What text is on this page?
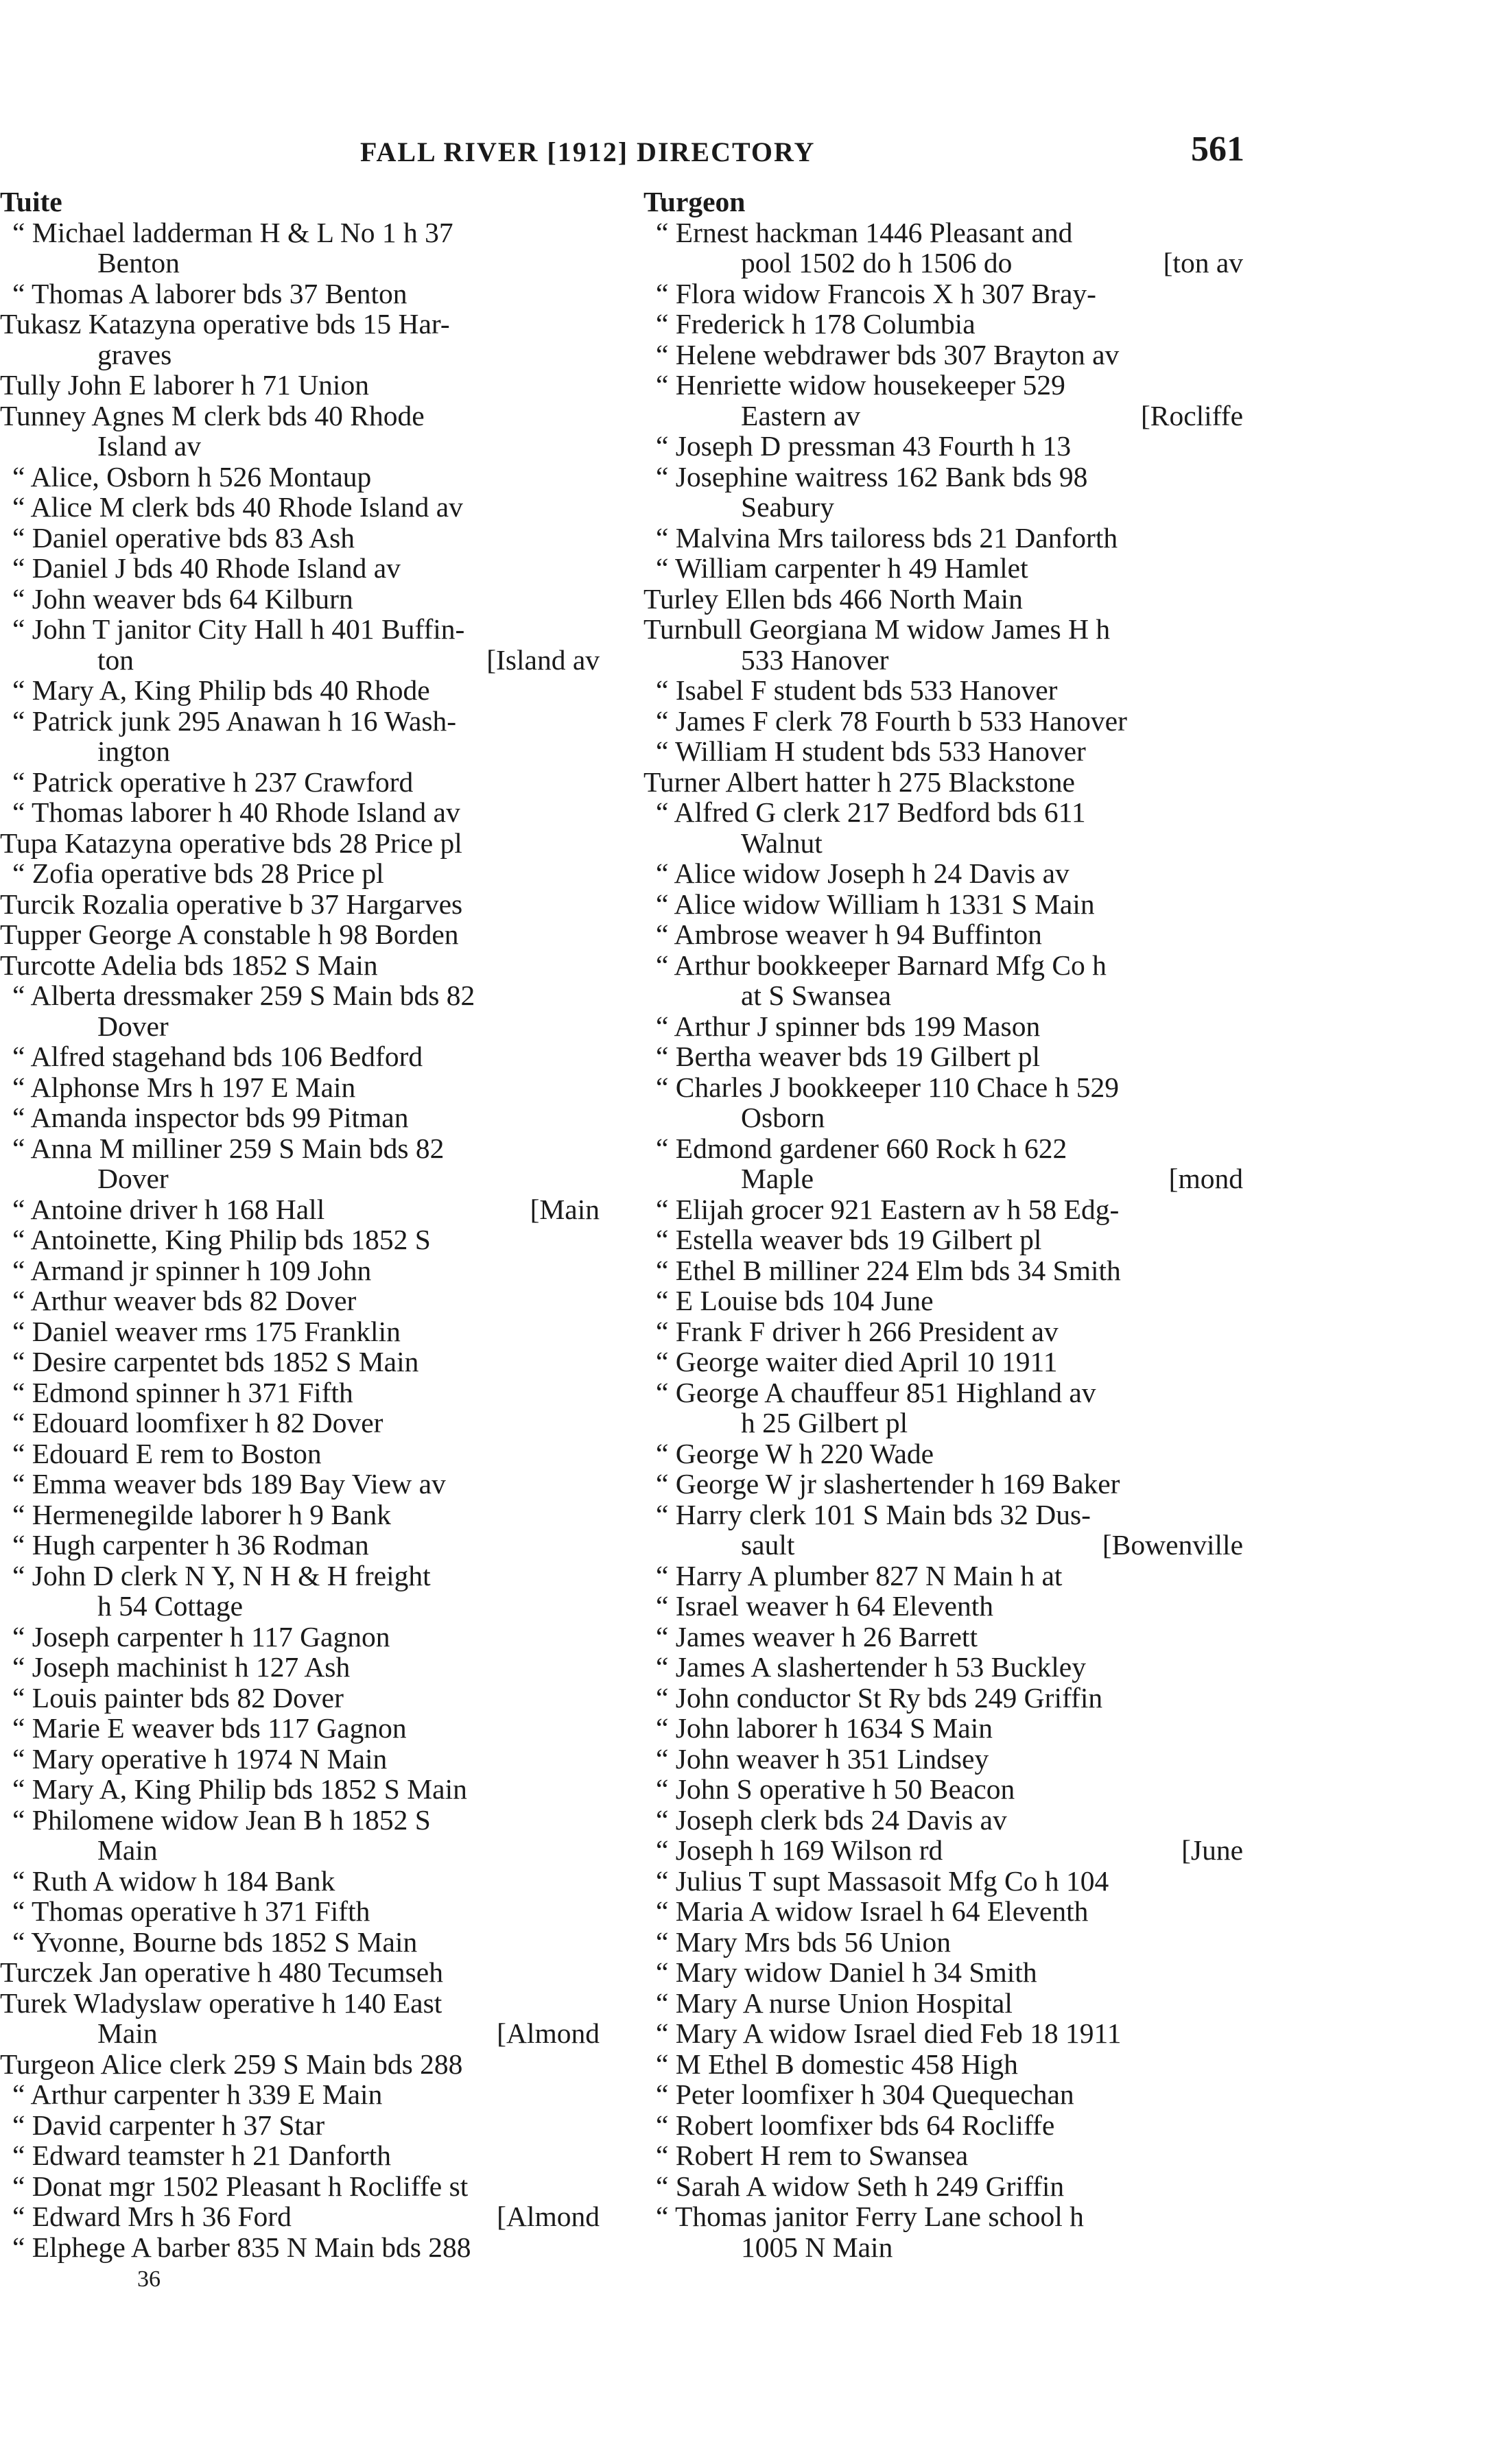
FALL RIVER [1912] DIRECTORY	561
Tuite
“ Michael ladderman H & L No 1 h 37
Benton
“ Thomas A laborer bds 37 Benton
Tukasz Katazyna operative bds 15 Har-
graves
Tully John E laborer h 71 Union
Tunney Agnes M clerk bds 40 Rhode
Island av
“ Alice, Osborn h 526 Montaup
“ Alice M clerk bds 40 Rhode Island av
“ Daniel operative bds 83 Ash
“ Daniel J bds 40 Rhode Island av
“ John weaver bds 64 Kilburn
“ John T janitor City Hall h 401 Buffin-
ton	[Island av
“ Mary A, King Philip bds 40 Rhode
“ Patrick junk 295 Anawan h 16 Wash-
ington
“ Patrick operative h 237 Crawford
“ Thomas laborer h 40 Rhode Island av
Tupa Katazyna operative bds 28 Price pl
“ Zofia operative bds 28 Price pl
Turcik Rozalia operative b 37 Hargarves
Tupper George A constable h 98 Borden
Turcotte Adelia bds 1852 S Main
“ Alberta dressmaker 259 S Main bds 82
Dover
“ Alfred stagehand bds 106 Bedford
“ Alphonse Mrs h 197 E Main
“ Amanda inspector bds 99 Pitman
“ Anna M milliner 259 S Main bds 82
Dover
“ Antoine driver h 168 Hall	[Main
“ Antoinette, King Philip bds 1852 S
“ Armand jr spinner h 109 John
“ Arthur weaver bds 82 Dover
“ Daniel weaver rms 175 Franklin
“ Desire carpentet bds 1852 S Main
“ Edmond spinner h 371 Fifth
“ Edouard loomfixer h 82 Dover
“ Edouard E rem to Boston
“ Emma weaver bds 189 Bay View av
“ Hermenegilde laborer h 9 Bank
“ Hugh carpenter h 36 Rodman
“ John D clerk N Y, N H & H freight
h 54 Cottage
“ Joseph carpenter h 117 Gagnon
“ Joseph machinist h 127 Ash
“ Louis painter bds 82 Dover
“ Marie E weaver bds 117 Gagnon
“ Mary operative h 1974 N Main
“ Mary A, King Philip bds 1852 S Main
“ Philomene widow Jean B h 1852 S
Main
“ Ruth A widow h 184 Bank
“ Thomas operative h 371 Fifth
“ Yvonne, Bourne bds 1852 S Main
Turczek Jan operative h 480 Tecumseh
Turek Wladyslaw operative h 140 East
Main	[Almond
Turgeon Alice clerk 259 S Main bds 288
“ Arthur carpenter h 339 E Main
“ David carpenter h 37 Star
“ Edward teamster h 21 Danforth
“ Donat mgr 1502 Pleasant h Rocliffe st
“ Edward Mrs h 36 Ford	[Almond
“ Elphege A barber 835 N Main bds 288
Turgeon
“ Ernest hackman 1446 Pleasant and
pool 1502 do h 1506 do	[ton av
“ Flora widow Francois X h 307 Bray-
“ Frederick h 178 Columbia
“ Helene webdrawer bds 307 Brayton av
“ Henriette widow housekeeper 529
Eastern av	[Rocliffe
“ Joseph D pressman 43 Fourth h 13
“ Josephine waitress 162 Bank bds 98
Seabury
“ Malvina Mrs tailoress bds 21 Danforth
“ William carpenter h 49 Hamlet
Turley Ellen bds 466 North Main
Turnbull Georgiana M widow James H h
533 Hanover
“ Isabel F student bds 533 Hanover
“ James F clerk 78 Fourth b 533 Hanover
“ William H student bds 533 Hanover
Turner Albert hatter h 275 Blackstone
“ Alfred G clerk 217 Bedford bds 611
Walnut
“ Alice widow Joseph h 24 Davis av
“ Alice widow William h 1331 S Main
“ Ambrose weaver h 94 Buffinton
“ Arthur bookkeeper Barnard Mfg Co h
at S Swansea
“ Arthur J spinner bds 199 Mason
“ Bertha weaver bds 19 Gilbert pl
“ Charles J bookkeeper 110 Chace h 529
Osborn
“ Edmond gardener 660 Rock h 622
Maple	[mond
“ Elijah grocer 921 Eastern av h 58 Edg-
“ Estella weaver bds 19 Gilbert pl
“ Ethel B milliner 224 Elm bds 34 Smith
“ E Louise bds 104 June
“ Frank F driver h 266 President av
“ George waiter died April 10 1911
“ George A chauffeur 851 Highland av
h 25 Gilbert pl
“ George W h 220 Wade
“ George W jr slashertender h 169 Baker
“ Harry clerk 101 S Main bds 32 Dus-
sault	[Bowenville
“ Harry A plumber 827 N Main h at
“ Israel weaver h 64 Eleventh
“ James weaver h 26 Barrett
“ James A slashertender h 53 Buckley
“ John conductor St Ry bds 249 Griffin
“ John laborer h 1634 S Main
“ John weaver h 351 Lindsey
“ John S operative h 50 Beacon
“ Joseph clerk bds 24 Davis av
“ Joseph h 169 Wilson rd	[June
“ Julius T supt Massasoit Mfg Co h 104
“ Maria A widow Israel h 64 Eleventh
“ Mary Mrs bds 56 Union
“ Mary widow Daniel h 34 Smith
“ Mary A nurse Union Hospital
“ Mary A widow Israel died Feb 18 1911
“ M Ethel B domestic 458 High
“ Peter loomfixer h 304 Quequechan
“ Robert loomfixer bds 64 Rocliffe
“ Robert H rem to Swansea
“ Sarah A widow Seth h 249 Griffin
“ Thomas janitor Ferry Lane school h
1005 N Main
36
